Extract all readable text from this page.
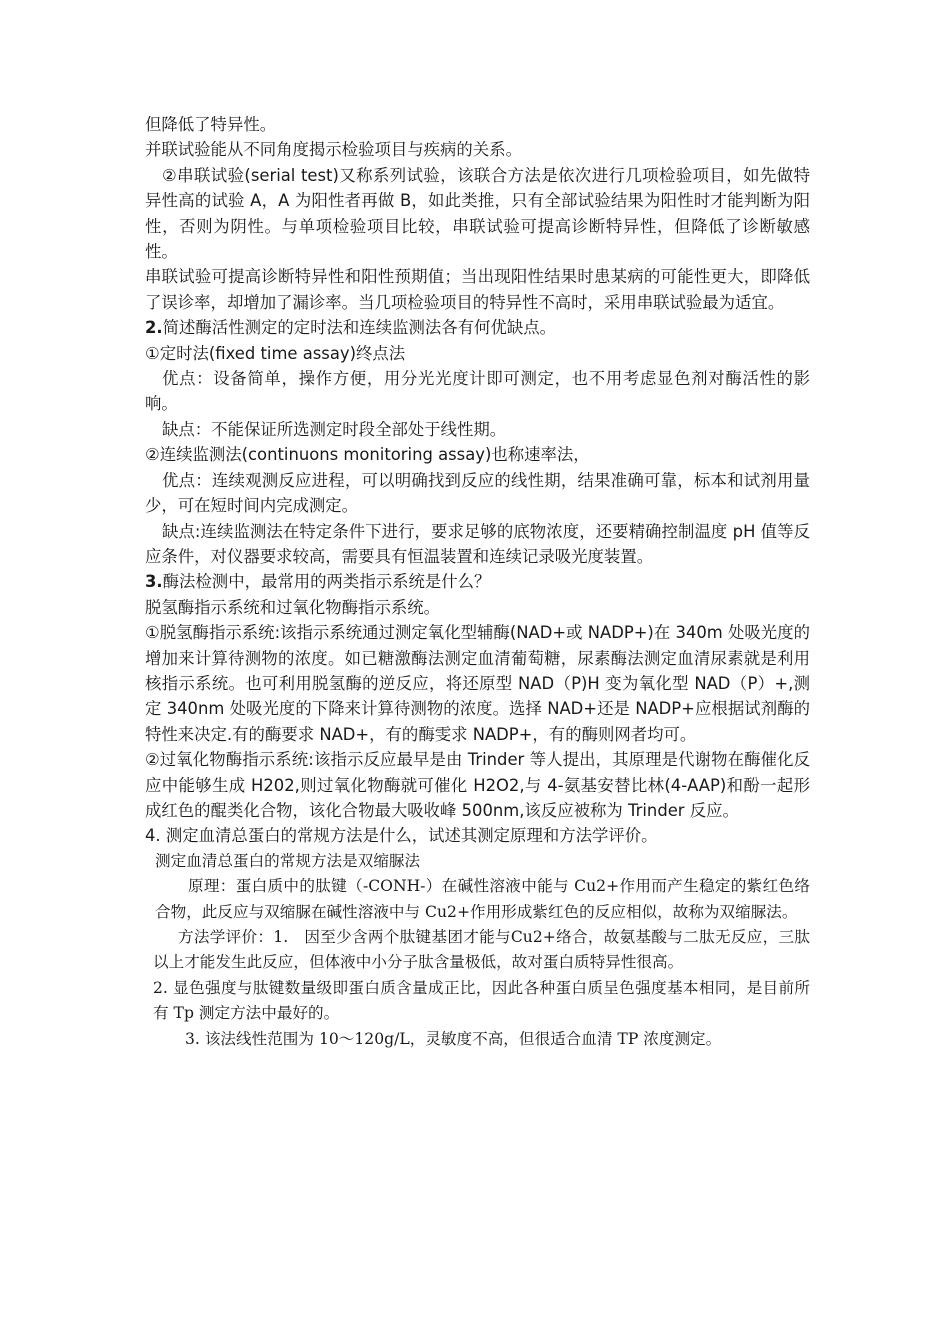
但降低了特异性。

并联试验能从不同角度揭示检验项目与疾病的关系。

②串联试验(serial test)又称系列试验，该联合方法是依次进行几项检验项目，如先做特异性高的试验 A，A 为阳性者再做 B，如此类推，只有全部试验结果为阳性时才能判断为阳性，否则为阴性。与单项检验项目比较，串联试验可提高诊断特异性，但降低了诊断敏感性。

串联试验可提高诊断特异性和阳性预期值；当出现阳性结果时患某病的可能性更大，即降低了误诊率，却增加了漏诊率。当几项检验项目的特异性不高时，采用串联试验最为适宜。

2.简述酶活性测定的定时法和连续监测法各有何优缺点。

①定时法(fixed time assay)终点法

优点：设备简单，操作方便，用分光光度计即可测定，也不用考虑显色剂对酶活性的影响。

缺点：不能保证所选测定时段全部处于线性期。

②连续监测法(continuons monitoring assay)也称速率法，

优点：连续观测反应进程，可以明确找到反应的线性期，结果准确可靠，标本和试剂用量少，可在短时间内完成测定。

缺点:连续监测法在特定条件下进行，要求足够的底物浓度，还要精确控制温度 pH 值等反应条件，对仪器要求较高，需要具有恒温装置和连续记录吸光度装置。

3.酶法检测中，最常用的两类指示系统是什么？

脱氢酶指示系统和过氧化物酶指示系统。

①脱氢酶指示系统:该指示系统通过测定氧化型辅酶(NAD+或 NADP+)在 340m 处吸光度的增加来计算待测物的浓度。如已糖激酶法测定血清葡萄糖，尿素酶法测定血清尿素就是利用核指示系统。也可利用脱氢酶的逆反应，将还原型 NAD（P)H 变为氧化型 NAD（P）+,测定 340nm 处吸光度的下降来计算待测物的浓度。选择 NAD+还是 NADP+应根据试剂酶的特性来决定.有的酶要求 NAD+，有的酶雯求 NADP+，有的酶则网者均可。

②过氧化物酶指示系统:该指示反应最早是由 Trinder 等人提出，其原理是代谢物在酶催化反应中能够生成 H202,则过氧化物酶就可催化 H2O2,与 4-氨基安替比林(4-AAP)和酚一起形成红色的醌类化合物，该化合物最大吸收峰 500nm,该反应被称为 Trinder 反应。

4. 测定血清总蛋白的常规方法是什么，试述其测定原理和方法学评价。

测定血清总蛋白的常规方法是双缩脲法

原理：蛋白质中的肽键（-CONH-）在碱性溶液中能与 Cu2+作用而产生稳定的紫红色络合物，此反应与双缩脲在碱性溶液中与 Cu2+作用形成紫红色的反应相似，故称为双缩脲法。

方法学评价：1.　因至少含两个肽键基团才能与Cu2+络合，故氨基酸与二肽无反应，三肽以上才能发生此反应，但体液中小分子肽含量极低，故对蛋白质特异性很高。

2. 显色强度与肽键数量级即蛋白质含量成正比，因此各种蛋白质呈色强度基本相同，是目前所有 Tp 测定方法中最好的。

3. 该法线性范围为 10～120g/L，灵敏度不高，但很适合血清 TP 浓度测定。
